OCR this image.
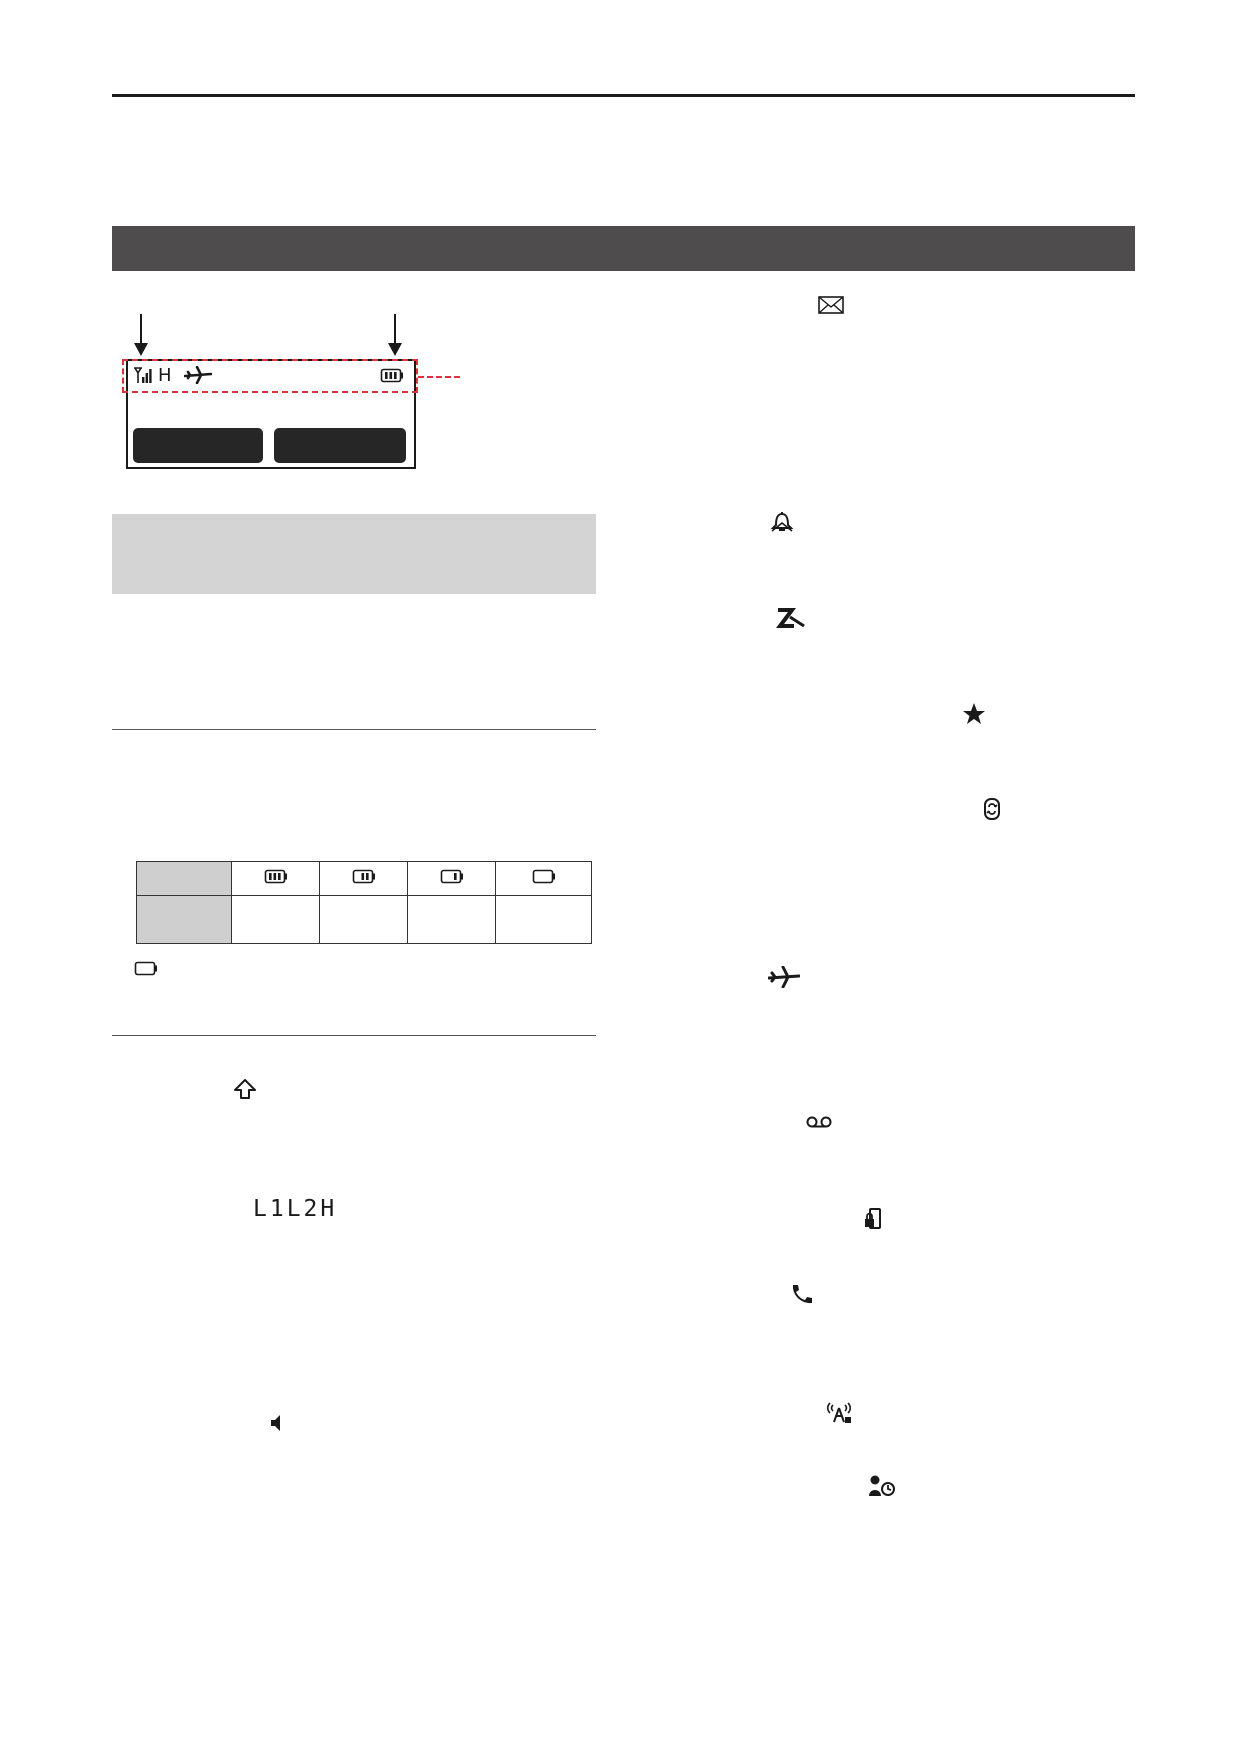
H

L1L2H
